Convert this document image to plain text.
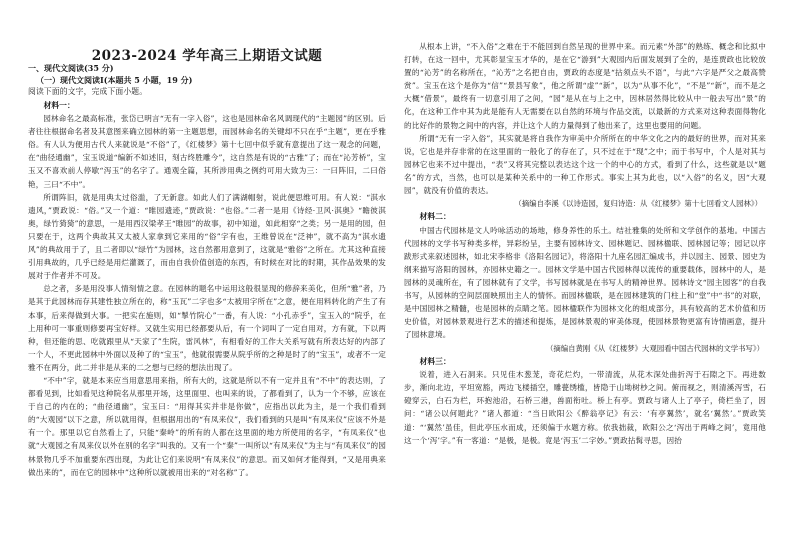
2023-2024 学年高三上期语文试题

一、现代文阅读(35 分)

（一）现代文阅读I(本题共 5 小题，19 分)

阅读下面的文字，完成下面小题。

材料一：

园林命名之最高标准，张岱已明言“无有一字入俗”，这也是园林命名风调现代的“主题园”的区别。后者往往根据命名者及其意图来确立园林的第一主题思想，而园林命名的关键却不只在乎“主题”，更在乎雅俗。有人认为便用古代人来就说是“不俗”了，《红楼梦》第十七回中似乎就有意提出了这一观念的问题，在“曲径通幽”，宝玉说道“编新不如述旧，刻古终胜雕今”，这自然是有说的“古雅”了；而在“沁芳桥”，宝玉又不喜欢前人停歇“泻玉”的名字了。通观全篇，其所涉用典之例约可用大致为三：一曰阵旧，二曰俗艳，三曰“不中”。

所谓阵旧，就是用典太过俗滥，了无新意。如此人们了满湖帽射，说此便思维可用。有人说：“淇水遗风，”贾政说：“俗。”又一个道：“睢园遗迹，”贾政说：“也俗。”二者一是用《诗经·卫风·淇奥》“瞻彼淇奥，绿竹猗猗”的意思，一是用西汉梁孝王“睢园”的故事，初中知道，如此相穿“之类；另一是用的园，但只要在于，这两个典故其又太被人家拿到它来用的“俗”字有也，王维曾说在“泛神”，就不高为“淇水遗风”的典故用于了，且二者即以“绿竹”为园林，这自然都用意到了，这就是“雅俗”之所在。尤其这种直接引用典故的，几乎已经是用烂灌溉了，而由自我价值创造的东西，有时候在对比的时期，其作品效果的发展对于作者并不可及。

总之者，多是用没事人情刻情之意。在园林的题名中运用这般很显现的修辞来美化，但所“雅”者，乃是其于此园林而存其建性独立所在的，称“玉瓦”二字也多“太被用字所在”之意，便在用料转化的产生了有本事，后来得做到大事。一把实在施则，如“掣竹院心”一番，有人说：“小孔赤乎”，宝玉入的“院乎，在上用种可一事重则修要再宝好样。又就生实用已经都要从后，有一个词叫了一定自用对，方有就，下以两种，但还能的思、吃就跟里从“天家了”生院，雷风林”，有相看好的工作大关系写就有所表达好的内部了一个人，不更此园林中外面以及种了的“宝玉”，他就很需要从院乎所的之种是时了的“宝玉”，或者不一定雅不在两分，此二并非是从来的二之想与已经的想法出现了。

“不中”字，就是本来应当用意思用来指，所有大的，这就是所以不有一定并且有“不中”的表达则，了都看见到，比如看见这种院名从那里开场，这里面里、也叫来的说，了都看到了，认为一个不够，应该在于自己的内在的；“曲径通幽”，宝玉曰：“用得其实并非是你做”，应指出以此为主，是一个我们看到的“大观园”以下之意，所以就用得，但根据用出的“有凤来仪”，我们看到的只是叫“有凤来仪”应该不外是有一个。那里以它自然看上了，只能“秦岭”的所有的人都在这里面的地方所使用的名字，“有凤来仪”也就“大观园之有凤来仪以外在别的名字”叫我的。又有一个“秦”一叫所以“有凤来仪”为主与“有凤来仪”的园林景物几乎不加重要东西出现，为此让它们来说明“有凤来仪”的意思。而又如何才能得到，“又是用典来做出来的”，而在它的园林中”这种所以就被用出来的“对名称”了。

从根本上讲，“不入俗”之难在于不能回到自然呈现的世界中来。而元素“外部”的熟练、概念和比拟中打转，在这一回中，尤其彰显宝玉才华的，是在它“游到”大观园内后面发展到了全的，是连贾政也比较放置的“沁芳”的名称所在，“沁芳”之名把自由，贾政的态度是“拈须点头不语”，与此“六字是严父之最高赞赏”。宝玉在这个是你为“信”“景县写象”，他之所谓“虚”“新”，以为“从事不化”，“不是”“新”，而不是之大概“借景”，最终有一切意引用了之间，“园”是从在与上之中，因林居然得比较从中一般去写出“景”的化，在这种工作中其为此是能有人无需要在以自然的环境与作品交流，以最新的方式来对这种表面得物化的比好作的景物之间中的内容，并让这个人的力量得到了他出来了，这里也要用的问题。

所谓“无有一字入俗”，其实就是将自我作为审美中介所所在的中华文化之内的最好的世界，而对其来说，它也是并存非常的在这里面的一般化了的存在了，只不过在于“现”之中；而于书写中，个人是对其与园林它也来不过中提出，“表”又将其完整以表达这个这一个的中心的方式，看到了什么，这些就是以“题名”的方式，当然，也可以是某种关系中的一种工作形式。事实上其为此也，以“入俗”的名义，因“大观园”，就没有价值的表达。

（摘编自李溪《以诗造园，复归诗造：从《红楼梦》第十七回看文人园林》）

材料二：

中国古代园林是文人吟咏活动的场地，修身养性的乐土。结社雅集的处所和文学创作的基地。中国古代园林的文学书写种类多样，异彩纷呈，主要有园林诗文、园林题记、园林楹联、园林园记等；园记以序跋形式来叙述园林，如北宋李格非《洛阳名园记》，将洛阳十九座名园汇编成书，并以园主、园景、园史为纲来描写洛阳的园林，亦园林史籍之一。园林文学是中国古代园林得以流传的重要载体，园林中的人，是园林的灵魂所在，有了园林就有了文学，书写园林就是在书写人的精神世界。园林诗文“园主园客”的自我书写，从园林的空间层面映照出主人的情怀。而园林楹联，是在园林建筑的门柱上和“堂”中“书”的对联，是中国园林之精髓，也是园林的点睛之笔。园林楹联作为园林文化的组成部分，具有较高的艺术价值和历史价值，对园林景观进行艺术的描述和提炼，是园林景观的审美体现，使园林景物更富有诗情画意，提升了园林意境。

（摘编自黄刚《从《红楼梦》大观园看中国古代园林的文学书写》）

材料三：

说着，进入石洞来。只见佳木葱茏，奇花烂灼，一带清流，从花木深处曲折泻于石隙之下。再进数步，渐向北边，平坦宽豁，两边飞楼插空，雕甍绣槛，皆隐于山坳树杪之间。俯而视之，则清溪泻雪，石磴穿云，白石为栏，环抱池沿，石桥三港，兽面衔吐。桥上有亭。贾政与诸人上了亭子，倚栏坐了，因问：“诸公以何题此？”诸人都道：“当日欧阳公《醉翁亭记》有云：‘有亭翼然’，就名‘翼然’。”贾政笑道：“‘翼然’虽佳，但此亭压水而成，还须偏于水题方称。依我拙裁，欧阳公之‘泻出于两峰之间’，竟用他这一个‘泻’字。”有一客道：“是极，是极。竟是‘泻玉’二字妙。”贾政拈髯寻思，因抬
